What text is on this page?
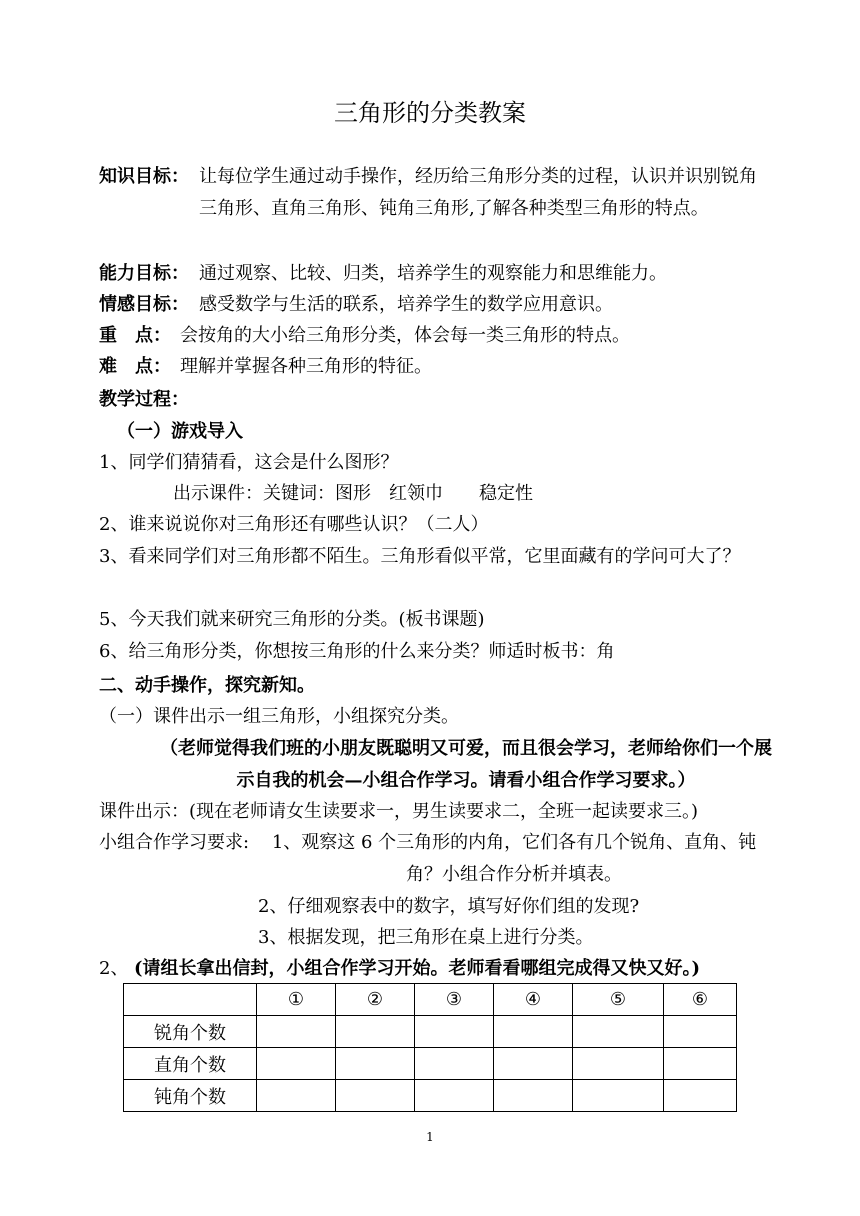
三角形的分类教案
知识目标： 让每位学生通过动手操作，经历给三角形分类的过程，认识并识别锐角三角形、直角三角形、钝角三角形,了解各种类型三角形的特点。
能力目标： 通过观察、比较、归类，培养学生的观察能力和思维能力。
情感目标： 感受数学与生活的联系，培养学生的数学应用意识。
重　点： 会按角的大小给三角形分类，体会每一类三角形的特点。
难　点： 理解并掌握各种三角形的特征。
教学过程：
（一）游戏导入
1、同学们猜猜看，这会是什么图形？
出示课件：关键词：图形　红领巾　　稳定性
2、谁来说说你对三角形还有哪些认识？（二人）
3、看来同学们对三角形都不陌生。三角形看似平常，它里面藏有的学问可大了？
5、今天我们就来研究三角形的分类。(板书课题)
6、给三角形分类，你想按三角形的什么来分类？师适时板书：角
二、动手操作，探究新知。
（一）课件出示一组三角形，小组探究分类。
（老师觉得我们班的小朋友既聪明又可爱，而且很会学习，老师给你们一个展示自我的机会—小组合作学习。请看小组合作学习要求。）
课件出示：(现在老师请女生读要求一，男生读要求二，全班一起读要求三。)
小组合作学习要求:	1、观察这 6 个三角形的内角，它们各有几个锐角、直角、钝角？小组合作分析并填表。
2、仔细观察表中的数字，填写好你们组的发现?
3、根据发现，把三角形在桌上进行分类。
2、 (请组长拿出信封，小组合作学习开始。老师看看哪组完成得又快又好。)
	①	②	③	④	⑤	⑥
锐角个数						
直角个数						
钝角个数						
1
